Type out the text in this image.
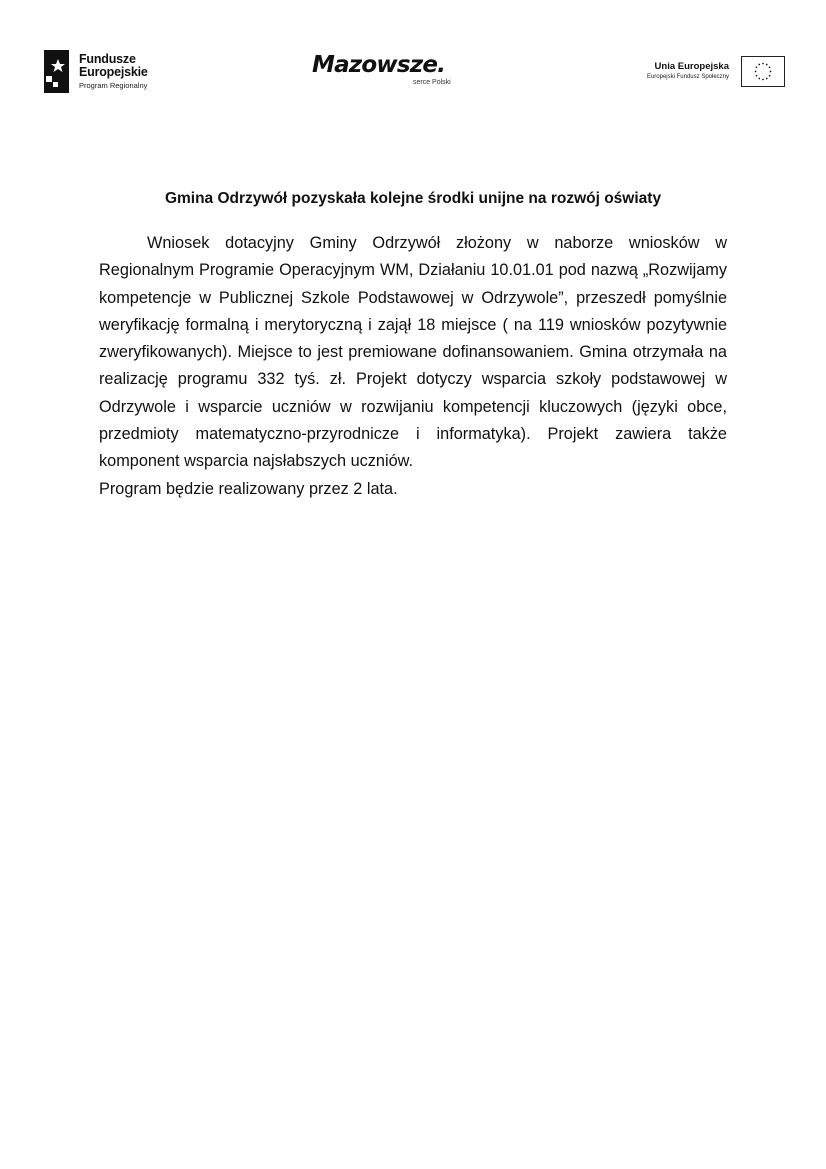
Fundusze
Europejskie
Program Regionalny
Mazowsze.
serce Polski
Unia Europejska
Europejski Fundusz Społeczny
Gmina Odrzywół pozyskała kolejne środki unijne na rozwój oświaty

Wniosek dotacyjny Gminy Odrzywół złożony w naborze wniosków w Regionalnym Programie Operacyjnym WM, Działaniu 10.01.01 pod nazwą „Rozwijamy kompetencje w Publicznej Szkole Podstawowej w Odrzywole”, przeszedł pomyślnie weryfikację formalną i merytoryczną i zajął 18 miejsce ( na 119 wniosków pozytywnie zweryfikowanych). Miejsce to jest premiowane dofinansowaniem. Gmina otrzymała na realizację programu 332 tyś. zł. Projekt dotyczy wsparcia szkoły podstawowej w Odrzywole i wsparcie uczniów w rozwijaniu kompetencji kluczowych (języki obce, przedmioty matematyczno-przyrodnicze i informatyka). Projekt zawiera także komponent wsparcia najsłabszych uczniów.

Program będzie realizowany przez 2 lata.
